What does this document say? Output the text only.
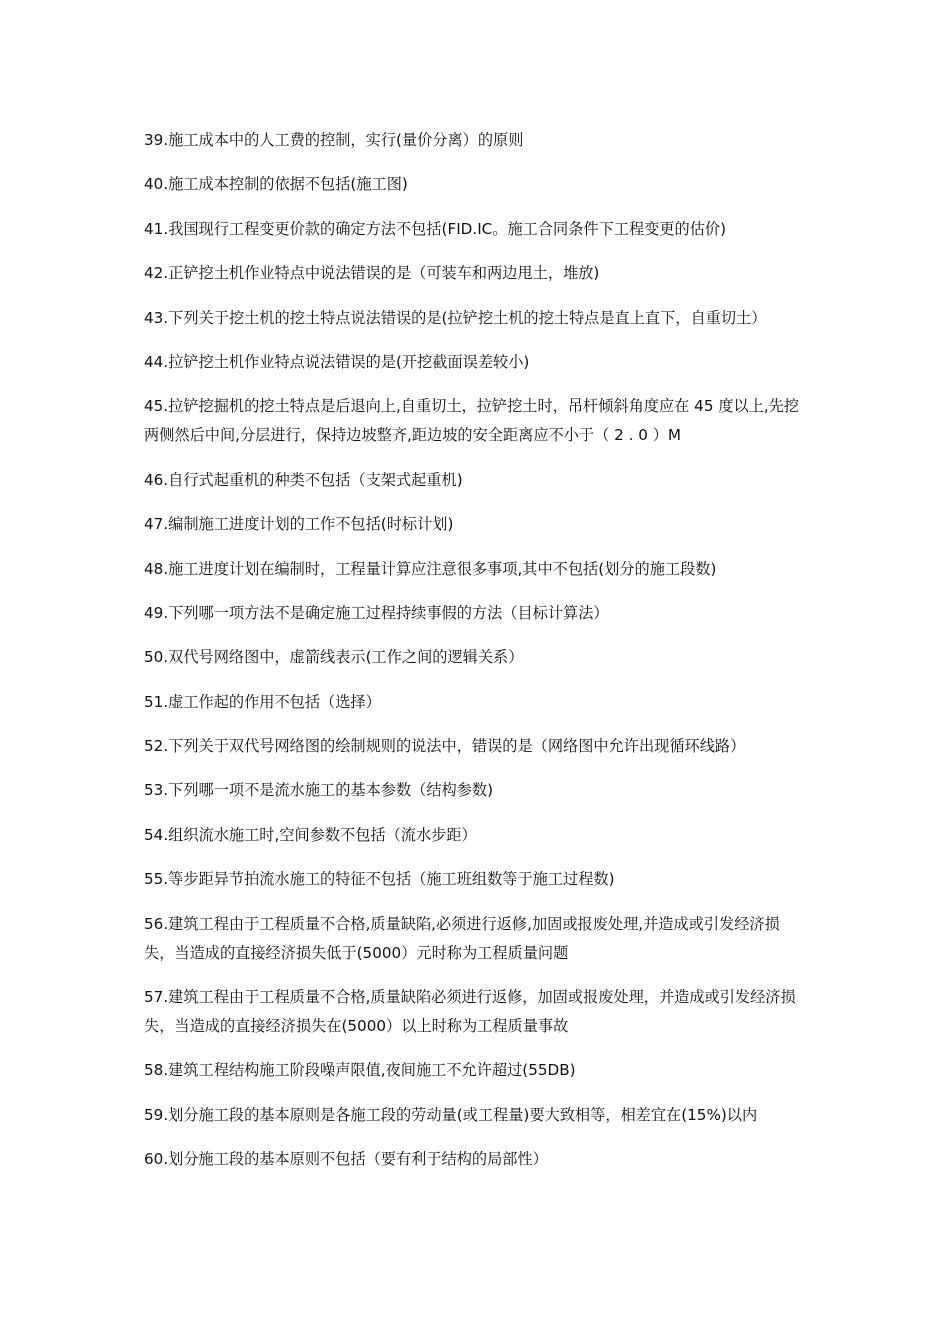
39.施工成本中的人工费的控制，实行(量价分离）的原则

40.施工成本控制的依据不包括(施工图)

41.我国现行工程变更价款的确定方法不包括(FID.IC。施工合同条件下工程变更的估价)

42.正铲挖土机作业特点中说法错误的是（可装车和两边甩土，堆放)

43.下列关于挖土机的挖土特点说法错误的是(拉铲挖土机的挖土特点是直上直下，自重切土）

44.拉铲挖土机作业特点说法错误的是(开挖截面误差较小)

45.拉铲挖掘机的挖土特点是后退向上,自重切土，拉铲挖土时，吊杆倾斜角度应在 45 度以上,先挖两侧然后中间,分层进行，保持边坡整齐,距边坡的安全距离应不小于（ 2 . 0 ）M

46.自行式起重机的种类不包括（支架式起重机)

47.编制施工进度计划的工作不包括(时标计划)

48.施工进度计划在编制时，工程量计算应注意很多事项,其中不包括(划分的施工段数)

49.下列哪一项方法不是确定施工过程持续事假的方法（目标计算法）

50.双代号网络图中，虚箭线表示(工作之间的逻辑关系）

51.虚工作起的作用不包括（选择）

52.下列关于双代号网络图的绘制规则的说法中，错误的是（网络图中允许出现循环线路）

53.下列哪一项不是流水施工的基本参数（结构参数)

54.组织流水施工时,空间参数不包括（流水步距）

55.等步距异节拍流水施工的特征不包括（施工班组数等于施工过程数)

56.建筑工程由于工程质量不合格,质量缺陷,必须进行返修,加固或报废处理,并造成或引发经济损失，当造成的直接经济损失低于(5000）元时称为工程质量问题

57.建筑工程由于工程质量不合格,质量缺陷必须进行返修，加固或报废处理，并造成或引发经济损失，当造成的直接经济损失在(5000）以上时称为工程质量事故

58.建筑工程结构施工阶段噪声限值,夜间施工不允许超过(55DB)

59.划分施工段的基本原则是各施工段的劳动量(或工程量)要大致相等，相差宜在(15%)以内

60.划分施工段的基本原则不包括（要有利于结构的局部性）
